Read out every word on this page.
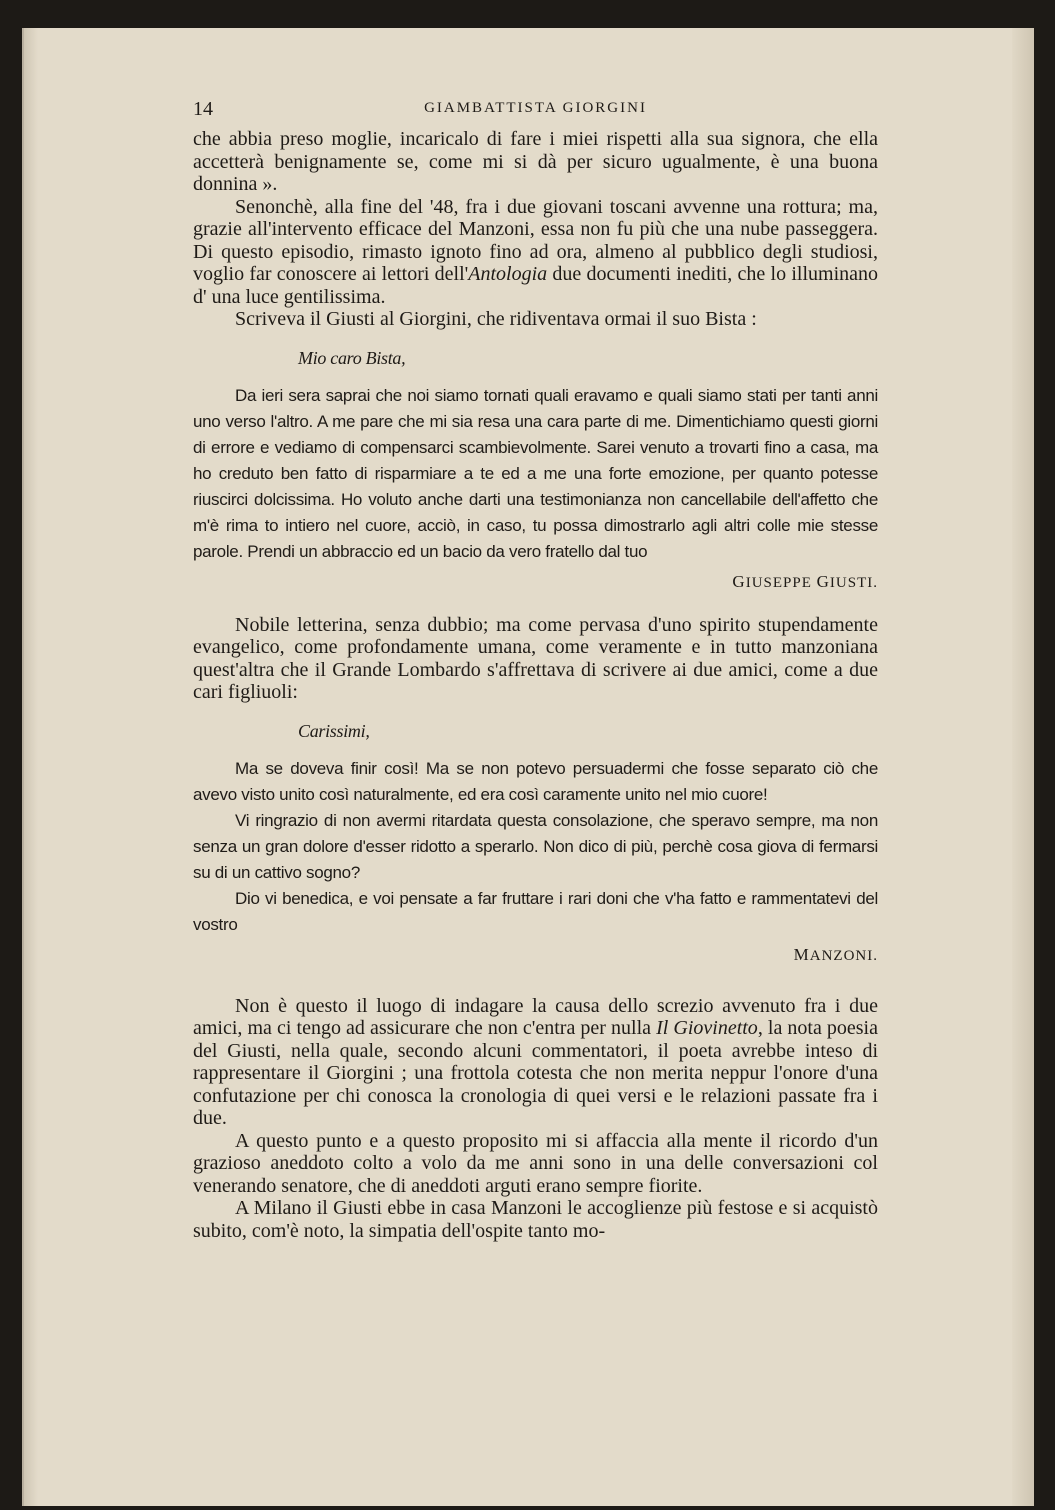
14	GIAMBATTISTA GIORGINI

che abbia preso moglie, incaricalo di fare i miei rispetti alla sua signora, che ella accetterà benignamente se, come mi si dà per sicuro ugualmente, è una buona donnina ».

Senonchè, alla fine del '48, fra i due giovani toscani avvenne una rottura; ma, grazie all'intervento efficace del Manzoni, essa non fu più che una nube passeggera. Di questo episodio, rimasto ignoto fino ad ora, almeno al pubblico degli studiosi, voglio far conoscere ai lettori dell'Antologia due documenti inediti, che lo illuminano d' una luce gentilissima.

Scriveva il Giusti al Giorgini, che ridiventava ormai il suo Bista :

Mio caro Bista,

Da ieri sera saprai che noi siamo tornati quali eravamo e quali siamo stati per tanti anni uno verso l'altro. A me pare che mi sia resa una cara parte di me. Dimentichiamo questi giorni di errore e vediamo di compensarci scambievolmente. Sarei venuto a trovarti fino a casa, ma ho creduto ben fatto di risparmiare a te ed a me una forte emozione, per quanto potesse riuscirci dolcissima. Ho voluto anche darti una testimonianza non cancellabile dell'affetto che m'è rima to intiero nel cuore, acciò, in caso, tu possa dimostrarlo agli altri colle mie stesse parole. Prendi un abbraccio ed un bacio da vero fratello dal tuo

GIUSEPPE GIUSTI.

Nobile letterina, senza dubbio; ma come pervasa d'uno spirito stupendamente evangelico, come profondamente umana, come veramente e in tutto manzoniana quest'altra che il Grande Lombardo s'affrettava di scrivere ai due amici, come a due cari figliuoli:

Carissimi,

Ma se doveva finir così! Ma se non potevo persuadermi che fosse separato ciò che avevo visto unito così naturalmente, ed era così caramente unito nel mio cuore!

Vi ringrazio di non avermi ritardata questa consolazione, che speravo sempre, ma non senza un gran dolore d'esser ridotto a sperarlo. Non dico di più, perchè cosa giova di fermarsi su di un cattivo sogno?

Dio vi benedica, e voi pensate a far fruttare i rari doni che v'ha fatto e rammentatevi del vostro

MANZONI.

Non è questo il luogo di indagare la causa dello screzio avvenuto fra i due amici, ma ci tengo ad assicurare che non c'entra per nulla Il Giovinetto, la nota poesia del Giusti, nella quale, secondo alcuni commentatori, il poeta avrebbe inteso di rappresentare il Giorgini ; una frottola cotesta che non merita neppur l'onore d'una confutazione per chi conosca la cronologia di quei versi e le relazioni passate fra i due.

A questo punto e a questo proposito mi si affaccia alla mente il ricordo d'un grazioso aneddoto colto a volo da me anni sono in una delle conversazioni col venerando senatore, che di aneddoti arguti erano sempre fiorite.

A Milano il Giusti ebbe in casa Manzoni le accoglienze più festose e si acquistò subito, com'è noto, la simpatia dell'ospite tanto mo-
